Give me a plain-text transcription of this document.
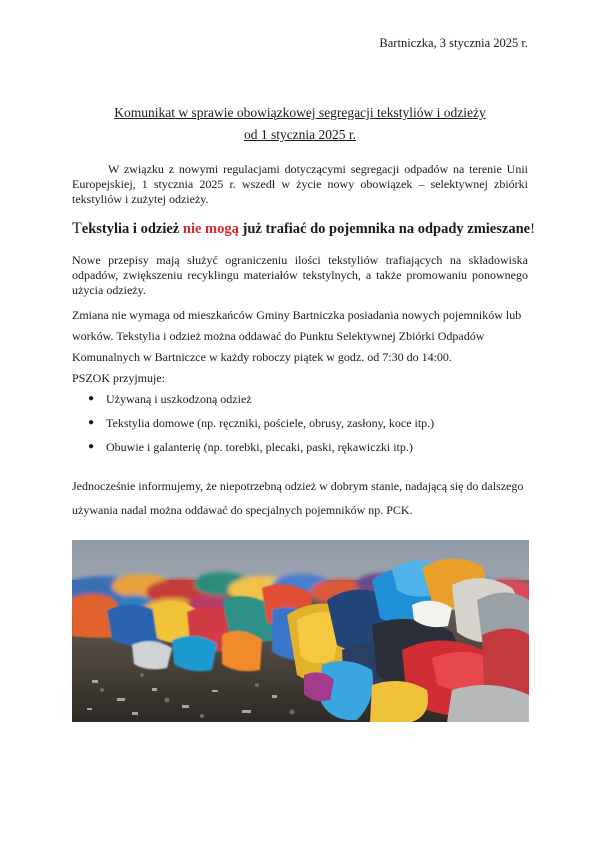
Bartniczka, 3 stycznia 2025 r.
Komunikat w sprawie obowiązkowej segregacji tekstyliów i odzieży
od 1 stycznia 2025 r.
W związku z nowymi regulacjami dotyczącymi segregacji odpadów na terenie Unii Europejskiej, 1 stycznia 2025 r. wszedł w życie nowy obowiązek – selektywnej zbiórki tekstyliów i zużytej odzieży.
Tekstylia i odzież nie mogą już trafiać do pojemnika na odpady zmieszane!
Nowe przepisy mają służyć ograniczeniu ilości tekstyliów trafiających na składowiska odpadów, zwiększeniu recyklingu materiałów tekstylnych, a także promowaniu ponownego użycia odzieży.

Zmiana nie wymaga od mieszkańców Gminy Bartniczka posiadania nowych pojemników lub worków. Tekstylia i odzież można oddawać do Punktu Selektywnej Zbiórki Odpadów Komunalnych w Bartniczce w każdy roboczy piątek w godz. od 7:30 do 14:00.

PSZOK przyjmuje:

● Używaną i uszkodzoną odzież
● Tekstylia domowe (np. ręczniki, pościele, obrusy, zasłony, koce itp.)
● Obuwie i galanterię (np. torebki, plecaki, paski, rękawiczki itp.)
Jednocześnie informujemy, że niepotrzebną odzież w dobrym stanie, nadającą się do dalszego używania nadal można oddawać do specjalnych pojemników np. PCK.
